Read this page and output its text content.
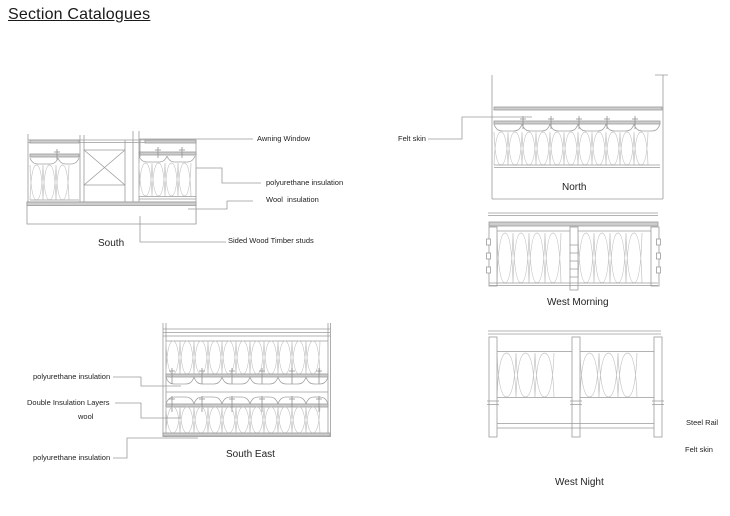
Section Catalogues
Awning Window
polyurethane insulation
Wool  insulation
Sided Wood Timber studs
South
Felt skin
North
West Morning
polyurethane insulation
Double Insulation Layers
wool
polyurethane insulation	South East
Steel Rail
Felt skin
West Night
